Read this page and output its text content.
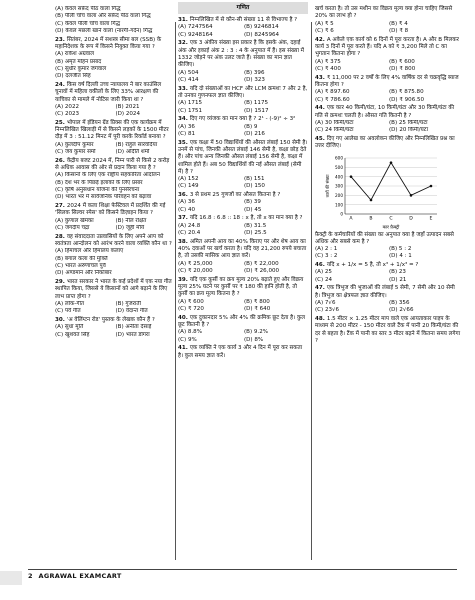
(A) केवल सफ़ेद पीठ वाला गिद्ध
(B) पीली चोंच वाला और सफ़ेद पीठ वाला गिद्ध
(C) केवल पीली चोंच वाला गिद्ध
(D) केवल मछली खाने वाला (नारंगी-गर्दन) गिद्ध
23. सितंबर, 2024 में सशस्त्र सीमा बल (SSB) के महानिदेशक के रूप में किसने नियुक्त किया गया ?
(A) राकेश अग्रवाल
(B) अमृत मोहन प्रसाद
(C) सुधीर कुमार जगवाल
(D) दलजीत सिंह
24. किस वर्ष दिल्ली उच्च न्यायालय ने बार काउंसिल चुनावों में महिला वकीलों के लिए 33% आरक्षण की याचिका से मामले में नोटिस जारी किया था ?
(A) 2022	(B) 2021
(C) 2023	(D) 2024
25. भोपाल में इंडियन ग्रेंड प्रिक्स की एक कार्यक्रम में निम्नलिखित खिलाड़ी में से किसने लड़कों के 1500 मीटर दौड़ में 3 : 51.12 मिनट में पूरी करके रिकॉर्ड बनाया ?
(A) कुलदीप कुमार	(B) राहुल सारवदिया
(C) जय कुमार सर्मा	(D) अदिति शर्मा
26. केंद्रीय बजट 2024 में, निम्न पारी से किसे 2 करोड़ से अधिक आवास की ओर से प्रदान किया गया है ?
(A) किसानों के लिए एक राष्ट्रीय सहकारिता आंदोलन
(B) देश भर के पिछड़े इलाकों के लिए प्रसार
(C) कृषि अनुसंधान योजना की पुनर्संरचना
(D) भारत भर में सार्वजनिक परिवहन को बढ़ावा
27. 2024 में कला शिक्षा फेस्टिवल में प्रदर्शित की गई 'सिलक सिल्वर स्पेस' को किसने डिज़ाइन किया ?
(A) कुणाल खेमका	(B) नील रक्षित
(C) जगदीप चंद्रा	(D) जूही मौर्य
28. वह संवाददाता उप्रवासियों के लिए अपने आप को स्वतंत्रता आन्दोलन को आरंभ करने वाला व्यक्ति कौन था ?
(A) हिमाचल और हिमालय कलाएं
(B) बंगाल कला की मुक्ति
(C) भारत अरुणाचल पुर्व
(D) अण्डमान और निकोबार
29. भारत सरकार ने भारत के कई प्रदेशों में एक नया गीत स्थापित किया, जिससे ये किसानों को आगे बढ़ाने के लिए लाभ प्राप्त होगा ?
(A) लोक-गीत	(B) गुजराती
(C) पर्व गीत	(D) वेदान्त गीत
30. 'अ वेलिंग्टन रोड' पुस्तक के लेखक कौन हैं ?
(A) सुधा मूर्ति	(B) अनीता देसाई
(C) खुशवंत सिंह	(D) भारत डोगरा
गणित
31. निम्नलिखित में से कौन-सी संख्या 11 से विभाज्य है ?
(A) 7247564	(B) 9246814
(C) 9248164	(D) 8245964
32. एक 3 अंकीय संख्या इस प्रकार है कि इसके अंक, दहाई अंक और इकाई अंक 2 : 3 : 4 के अनुपात में हैं। इस संख्या में 1332 जोड़ने पर अंक उलट जाते हैं। संख्या का मान ज्ञात कीजिए।
(A) 504	(B) 396
(C) 414	(D) 323
33. यदि दो संख्याओं का HCF और LCM क्रमशः 7 और 2 है, तो उनका गुणनफल ज्ञात कीजिए।
(A) 1715	(B) 1175
(C) 1751	(D) 1517
34. दिए गए व्यंजक का मान क्या है ? 2¹ - (-9)² ÷ 3²
(A) 36	(B) 9
(C) 81	(D) 216
35. एक कक्षा में 50 विद्यार्थियों की औसत लंबाई 150 सेमी है। उनमें से पांच, जिनकी औसत लंबाई 146 सेमी है, कक्षा छोड़ देते हैं। और पांच अन्य जिनकी औसत लंबाई 156 सेमी है, कक्षा में शामिल होते हैं। अब 50 विद्यार्थियों की नई औसत लंबाई (सेमी में) है ?
(A) 152	(B) 151
(C) 149	(D) 150
36. 3 से प्रथम 25 गुणजों का औसत कितना है ?
(A) 36	(B) 39
(C) 40	(D) 45
37. यदि 16.8 : 6.8 :: 18 : x है, तो x का मान क्या है ?
(A) 24.8	(B) 31.5
(C) 20.4	(D) 25.5
38. अमित अपनी आय का 40% किराए पर और शेष आय का 40% दवाओं पर खर्च करता है। यदि वह 21,200 रुपये बचाता है, तो उसकी मासिक आय ज्ञात करें।
(A) ₹ 25,000	(B) ₹ 22,000
(C) ₹ 20,000	(D) ₹ 26,000
39. यदि एक कुर्सी का क्रय मूल्य 20% बढ़ाते हुए और विक्रय मूल्य 25% घटने पर कुर्सी पर ₹ 180 की हानि होती है, तो कुर्सी का क्रय मूल्य कितना है ?
(A) ₹ 600	(B) ₹ 800
(C) ₹ 720	(D) ₹ 640
40. एक दुकानदार 5% और 4% की क्रमिक छूट देता है। कुल छूट कितनी है ?
(A) 8.8%	(B) 9.2%
(C) 9%	(D) 8%
41. एक व्यक्ति ने एक कार्य 3 और 4 दिन में पूरा कर सकता है। कुल समय ज्ञात करें।
खर्च करता है। तो उस मशीन का विक्रय मूल्य क्या होना चाहिए जिससे 20% का लाभ हो ?
(A) ₹ 5	(B) ₹ 4
(C) ₹ 6	(D) ₹ 8
42. A अकेले एक कार्य को 6 दिनों में पूरा करता है। A और B मिलकर कार्य 3 दिनों में पूरा करते हैं। यदि A को ₹ 3,200 मिले तो C का भुगतान कितना होगा ?
(A) ₹ 375	(B) ₹ 600
(C) ₹ 400	(D) ₹ 800
43. ₹ 11,000 पर 2 वर्षों के लिए 4% वार्षिक दर से चक्रवृद्धि ब्याज कितना होगा ?
(A) ₹ 897.60	(B) ₹ 875.80
(C) ₹ 786.60	(D) ₹ 906.50
44. एक कार 40 किमी/घंटा, 10 किमी/घंटा और 30 किमी/घंटा की गति से क्रमशः चलती है। औसत गति कितनी है ?
(A) 30 किमी/घंटा	(B) 25 किमी/घंटा
(C) 24 किमी/घंटा	(D) 20 किमी/घंटा
45. दिए गए आलेख का अवलोकन कीजिए और निम्नलिखित प्रश्न का उत्तर दीजिए।
0
100
200
300
400
500
600
A	B	C	D	E
कार फ़ैक्ट्री
कारों की संख्या
फ़ैक्ट्री के कर्मचारियों की संख्या का अनुपात क्या है जहाँ उत्पादन सबसे अधिक और सबसे कम है ?
(A) 2 : 1	(B) 5 : 2
(C) 3 : 2	(D) 4 : 1
46. यदि x + 1/x = 5 है, तो x³ + 1/x³ = ?
(A) 25	(B) 23
(C) 24	(D) 21
47. एक त्रिभुज की भुजाओं की लंबाई 5 सेमी, 7 सेमी और 10 सेमी है। त्रिभुज का क्षेत्रफल ज्ञात कीजिए।
(A) 7√6	(B) 356
(C) 23√6	(D) 2√66
48. 1.5 मीटर × 1.25 मीटर माप वाले एक आयताकार पाइप के माध्यम से 200 मीटर - 150 मीटर वाले टैंक में पानी 20 किमी/घंटा की दर से बहता है। टैंक में पानी का स्तर 3 मीटर बढ़ने में कितना समय लगेगा ?
2 AGRAWAL EXAMCART
